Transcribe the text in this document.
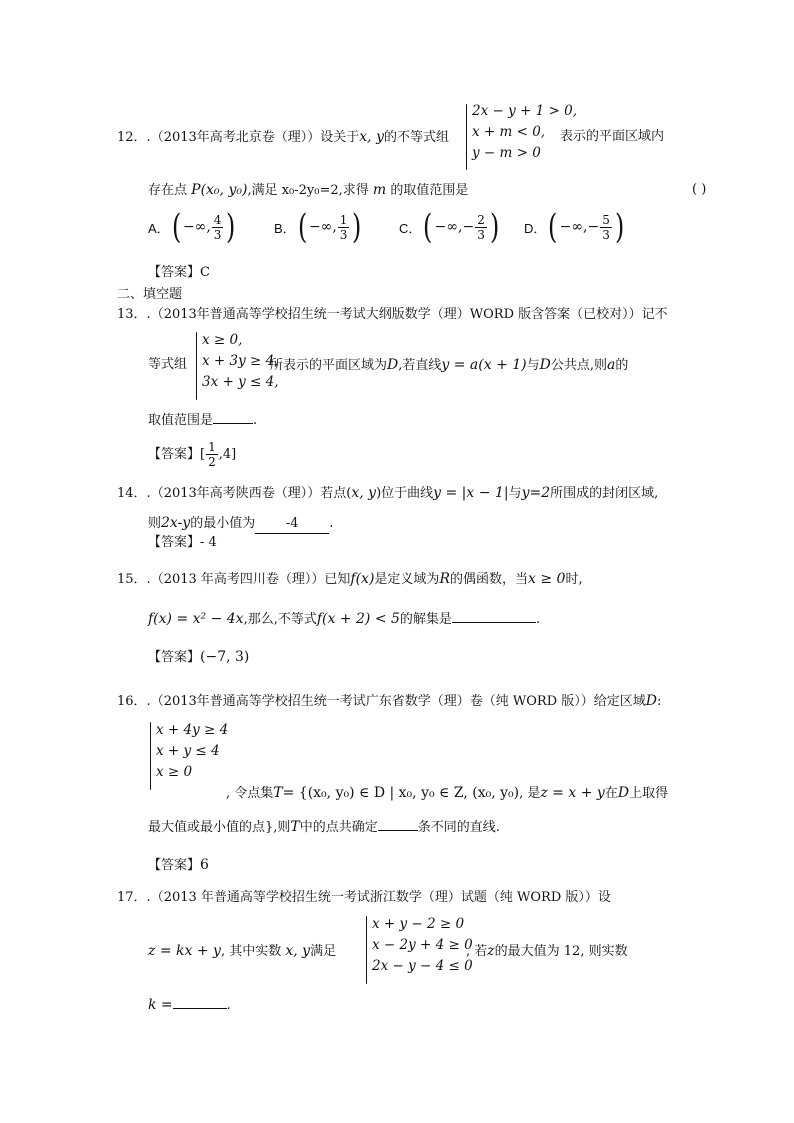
12．.（2013年高考北京卷（理））设关于x, y的不等式组
2x − y + 1 > 0,
x + m < 0,
y − m > 0
表示的平面区域内
存在点 P(x₀, y₀),满足 x₀-2y₀=2,求得 m 的取值范围是	( )
A． ( −∞, $\frac{4}{3}$ )	B． ( −∞, $\frac{1}{3}$ )	C． ( −∞, − $\frac{2}{3}$ ) D． ( −∞, − $\frac{5}{3}$ )
【答案】C
二、填空题
13．.（2013年普通高等学校招生统一考试大纲版数学（理）WORD 版含答案（已校对））记不
等式组
x ≥ 0,
x + 3y ≥ 4,
3x + y ≤ 4,
所表示的平面区域为D,若直线y = a(x + 1)与D公共点,则a的
取值范围是	.
【答案】 [ $\frac{1}{2} ,4$]
14．.（2013年高考陕西卷（理））若点(x, y)位于曲线y = |x − 1|与y=2所围成的封闭区域,
则2x-y的最小值为 -4 .
【答案】- 4
15．.（2013 年高考四川卷（理））已知f(x)是定义域为R的偶函数，当x ≥ 0时,
f(x) = x² − 4x,那么,不等式f(x + 2) < 5的解集是	.
【答案】(−7, 3)
16．.（2013年普通高等学校招生统一考试广东省数学（理）卷（纯 WORD 版））给定区域D:
x + 4y ≥ 4
x + y ≤ 4
x ≥ 0
, 令点集T= {(x₀, y₀) ∈ D | x₀, y₀ ∈ Z, (x₀, y₀), 是z = x + y在D上取得
最大值或最小值的点},则T中的点共确定	条不同的直线.
【答案】6
17．.（2013 年普通高等学校招生统一考试浙江数学（理）试题（纯 WORD 版））设
z = kx + y, 其中实数 x, y满足
x + y − 2 ≥ 0
x − 2y + 4 ≥ 0
2x − y − 4 ≤ 0
, 若z的最大值为 12, 则实数
k =	.
